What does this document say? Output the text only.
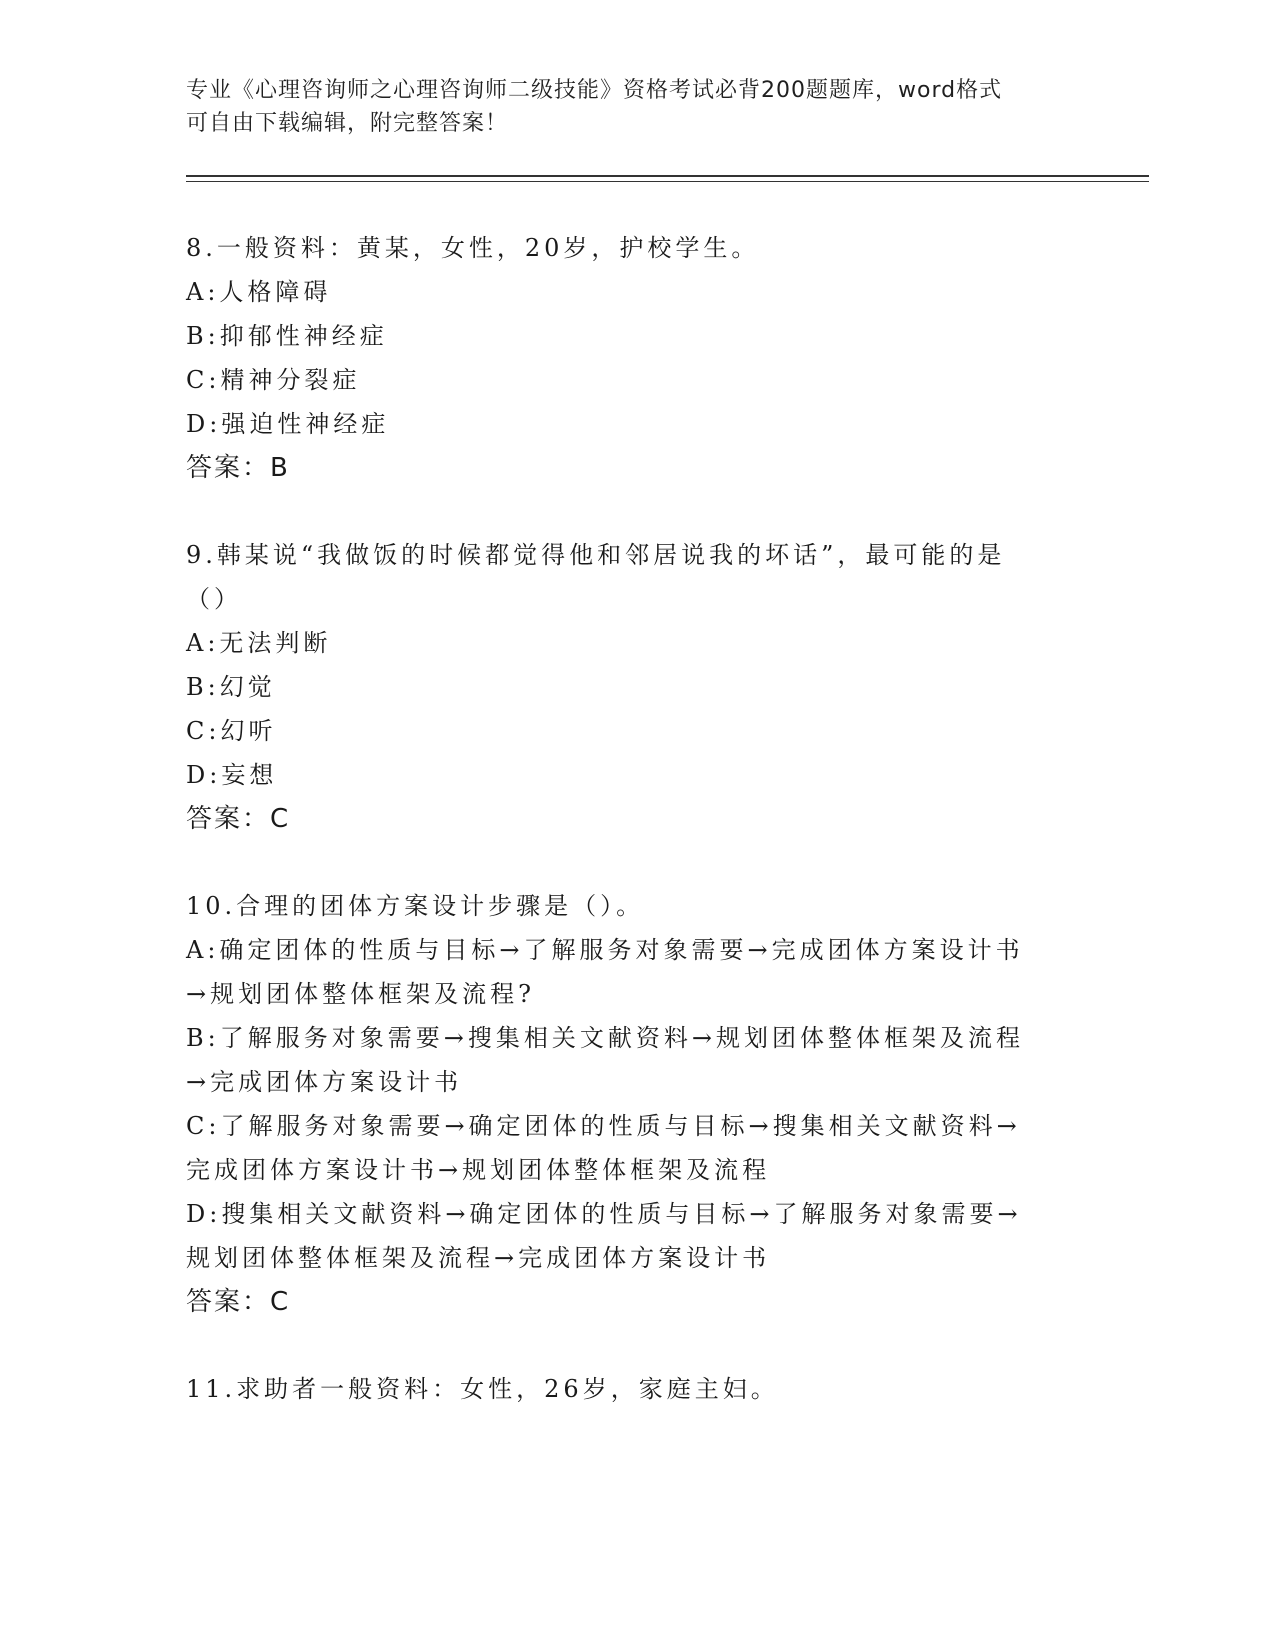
专业《心理咨询师之心理咨询师二级技能》资格考试必背200题题库，word格式
可自由下载编辑，附完整答案！
8.一般资料：黄某，女性，20岁，护校学生。
A:人格障碍
B:抑郁性神经症
C:精神分裂症
D:强迫性神经症
答案：B
9.韩某说“我做饭的时候都觉得他和邻居说我的坏话”，最可能的是
（）
A:无法判断
B:幻觉
C:幻听
D:妄想
答案：C
10.合理的团体方案设计步骤是（）。
A:确定团体的性质与目标→了解服务对象需要→完成团体方案设计书
→规划团体整体框架及流程?
B:了解服务对象需要→搜集相关文献资料→规划团体整体框架及流程
→完成团体方案设计书
C:了解服务对象需要→确定团体的性质与目标→搜集相关文献资料→
完成团体方案设计书→规划团体整体框架及流程
D:搜集相关文献资料→确定团体的性质与目标→了解服务对象需要→
规划团体整体框架及流程→完成团体方案设计书
答案：C
11.求助者一般资料：女性，26岁，家庭主妇。
